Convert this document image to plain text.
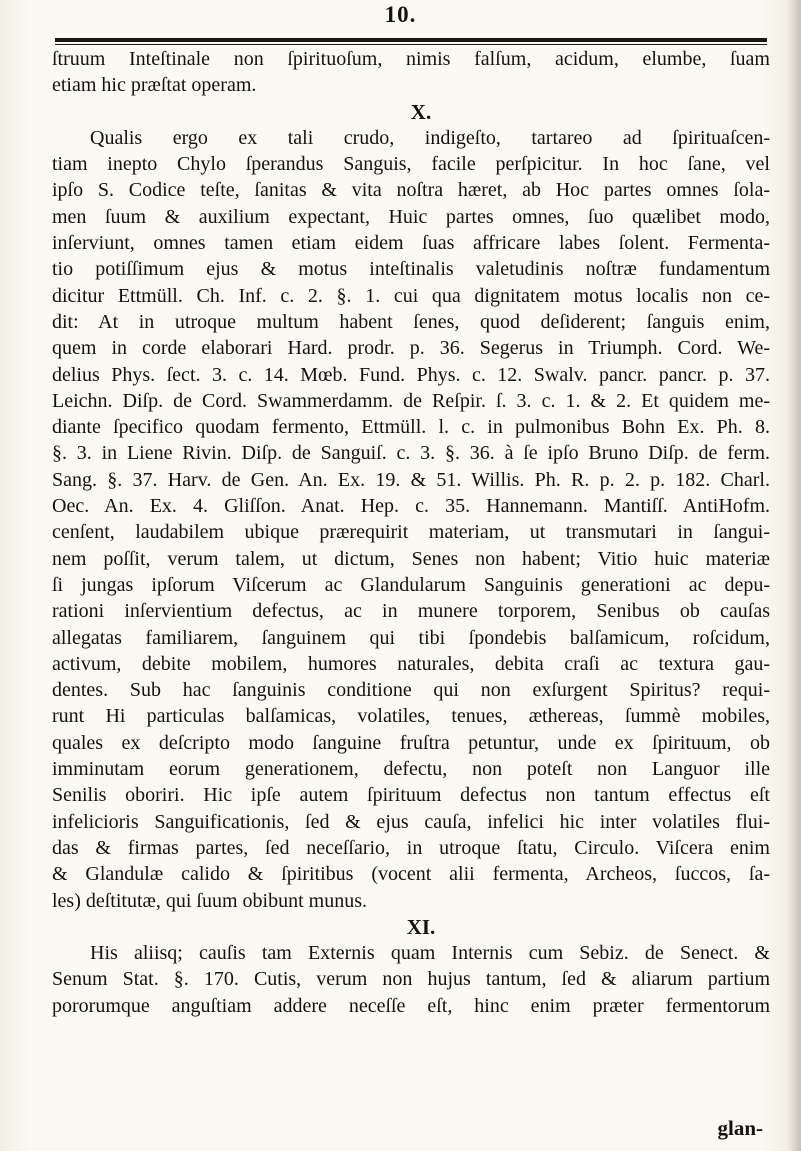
10.
ſtruum Inteſtinale non ſpirituoſum, nimis falſum, acidum, elumbe, ſuam
etiam hic præſtat operam.
X.
Qualis ergo ex tali crudo, indigeſto, tartareo ad ſpirituaſcen-
tiam inepto Chylo ſperandus Sanguis, facile perſpicitur. In hoc ſane, vel
ipſo S. Codice teſte, ſanitas & vita noſtra hæret, ab Hoc partes omnes ſola-
men ſuum & auxilium expectant, Huic partes omnes, ſuo quælibet modo,
inſerviunt, omnes tamen etiam eidem ſuas affricare labes ſolent. Fermenta-
tio potiſſimum ejus & motus inteſtinalis valetudinis noſtræ fundamentum
dicitur Ettmüll. Ch. Inf. c. 2. §. 1. cui qua dignitatem motus localis non ce-
dit: At in utroque multum habent ſenes, quod deſiderent; ſanguis enim,
quem in corde elaborari Hard. prodr. p. 36. Segerus in Triumph. Cord. We-
delius Phys. ſect. 3. c. 14. Mœb. Fund. Phys. c. 12. Swalv. pancr. pancr. p. 37.
Leichn. Diſp. de Cord. Swammerdamm. de Reſpir. ſ. 3. c. 1. & 2. Et quidem me-
diante ſpecifico quodam fermento, Ettmüll. l. c. in pulmonibus Bohn Ex. Ph. 8.
§. 3. in Liene Rivin. Diſp. de Sanguiſ. c. 3. §. 36. à ſe ipſo Bruno Diſp. de ferm.
Sang. §. 37. Harv. de Gen. An. Ex. 19. & 51. Willis. Ph. R. p. 2. p. 182. Charl.
Oec. An. Ex. 4. Gliſſon. Anat. Hep. c. 35. Hannemann. Mantiſſ. AntiHofm.
cenſent, laudabilem ubique prærequirit materiam, ut transmutari in ſangui-
nem poſſit, verum talem, ut dictum, Senes non habent; Vitio huic materiæ
ſi jungas ipſorum Viſcerum ac Glandularum Sanguinis generationi ac depu-
rationi inſervientium defectus, ac in munere torporem, Senibus ob cauſas
allegatas familiarem, ſanguinem qui tibi ſpondebis balſamicum, roſcidum,
activum, debite mobilem, humores naturales, debita craſi ac textura gau-
dentes. Sub hac ſanguinis conditione qui non exſurgent Spiritus? requi-
runt Hi particulas balſamicas, volatiles, tenues, æthereas, ſummè mobiles,
quales ex deſcripto modo ſanguine fruſtra petuntur, unde ex ſpirituum, ob
imminutam eorum generationem, defectu, non poteſt non Languor ille
Senilis oboriri. Hic ipſe autem ſpirituum defectus non tantum effectus eſt
infelicioris Sanguificationis, ſed & ejus cauſa, infelici hic inter volatiles flui-
das & firmas partes, ſed neceſſario, in utroque ſtatu, Circulo. Viſcera enim
& Glandulæ calido & ſpiritibus (vocent alii fermenta, Archeos, ſuccos, ſa-
les) deſtitutæ, qui ſuum obibunt munus.
XI.
His aliisq; cauſis tam Externis quam Internis cum Sebiz. de Senect. &
Senum Stat. §. 170. Cutis, verum non hujus tantum, ſed & aliarum partium
pororumque anguſtiam addere neceſſe eſt, hinc enim præter fermentorum
glan-
